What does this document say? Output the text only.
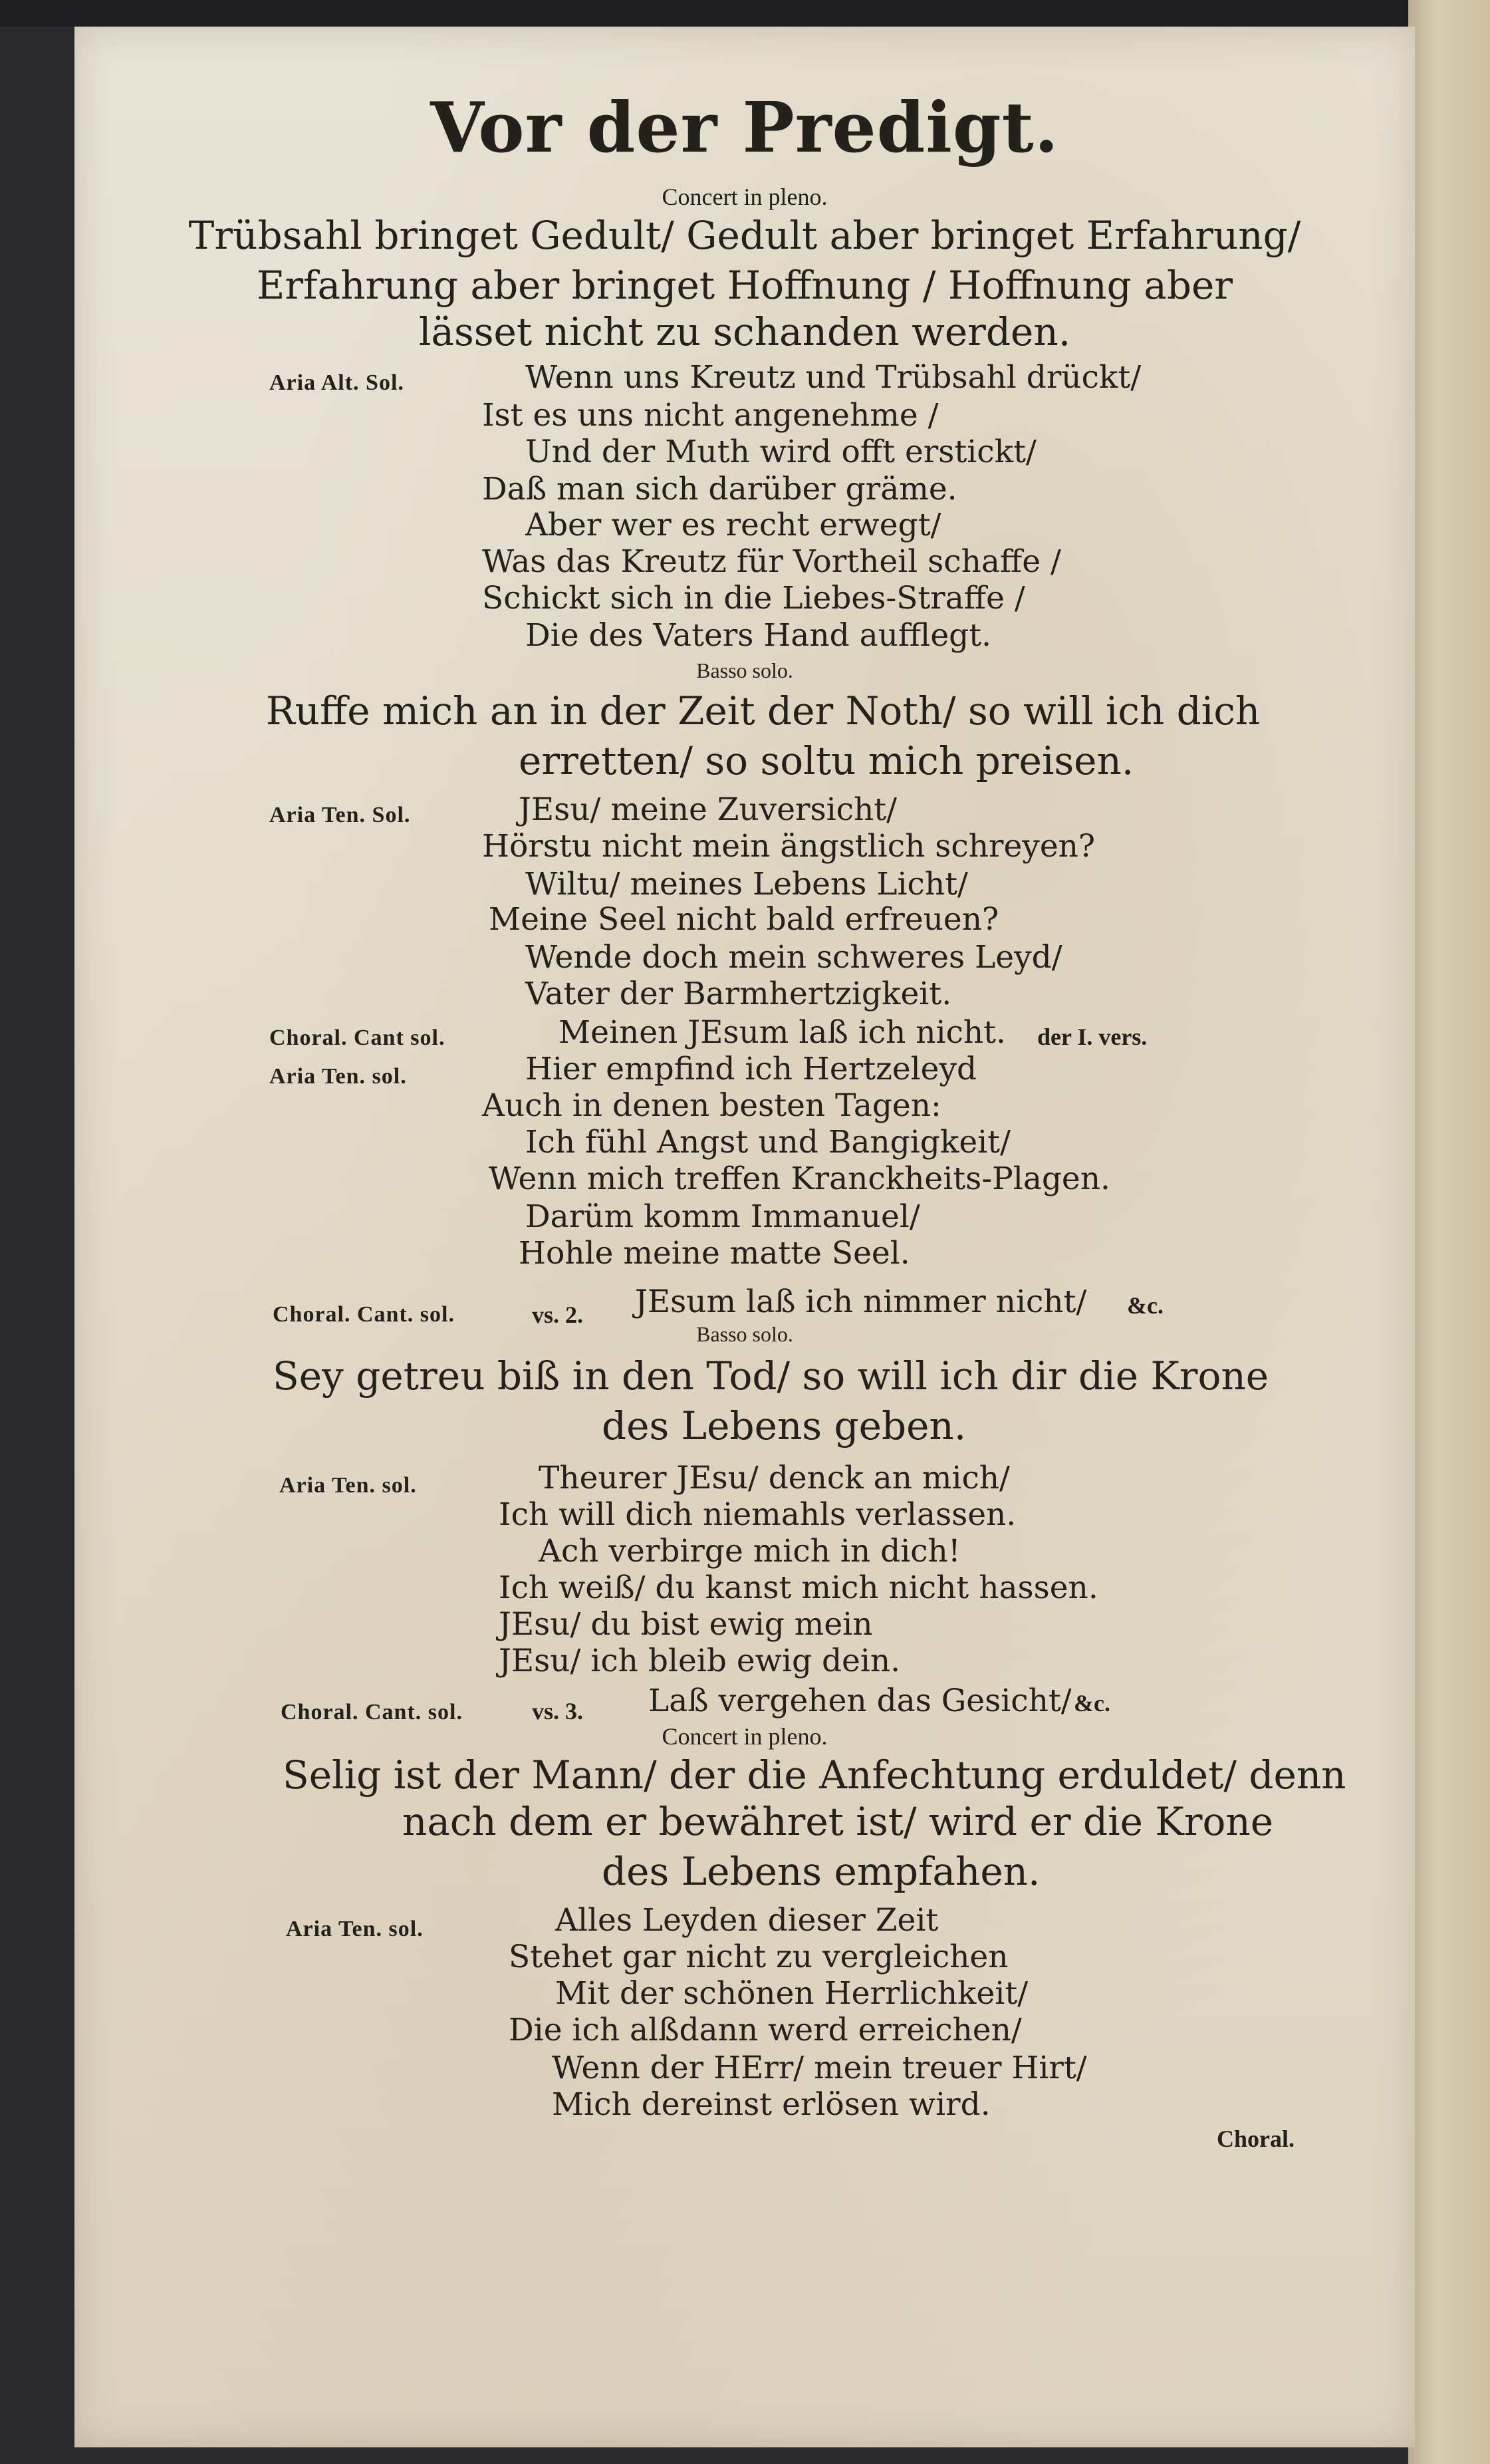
Vor der Predigt.
Concert in pleno.
Trübsahl bringet Gedult/ Gedult aber bringet Erfahrung/
Erfahrung aber bringet Hoffnung / Hoffnung aber
lässet nicht zu schanden werden.
Aria Alt. Sol.	Wenn uns Kreutz und Trübsahl drückt/
Ist es uns nicht angenehme /
Und der Muth wird offt erstickt/
Daß man sich darüber gräme.
Aber wer es recht erwegt/
Was das Kreutz für Vortheil schaffe /
Schickt sich in die Liebes-Straffe /
Die des Vaters Hand aufflegt.
Basso solo.
Ruffe mich an in der Zeit der Noth/ so will ich dich
erretten/ so soltu mich preisen.
Aria Ten. Sol.	JEsu/ meine Zuversicht/
Hörstu nicht mein ängstlich schreyen?
Wiltu/ meines Lebens Licht/
Meine Seel nicht bald erfreuen?
Wende doch mein schweres Leyd/
Vater der Barmhertzigkeit.
Choral. Cant sol.	Meinen JEsum laß ich nicht. der I. vers.
Aria Ten. sol.	Hier empfind ich Hertzeleyd
Auch in denen besten Tagen:
Ich fühl Angst und Bangigkeit/
Wenn mich treffen Kranckheits-Plagen.
Darüm komm Immanuel/
Hohle meine matte Seel.
Choral. Cant. sol.	vs. 2. JEsum laß ich nimmer nicht/ &c.
Basso solo.
Sey getreu biß in den Tod/ so will ich dir die Krone
des Lebens geben.
Aria Ten. sol.	Theurer JEsu/ denck an mich/
Ich will dich niemahls verlassen.
Ach verbirge mich in dich!
Ich weiß/ du kanst mich nicht hassen.
JEsu/ du bist ewig mein
JEsu/ ich bleib ewig dein.
Choral. Cant. sol.	vs. 3. Laß vergehen das Gesicht/ &c.
Concert in pleno.
Selig ist der Mann/ der die Anfechtung erduldet/ denn
nach dem er bewähret ist/ wird er die Krone
des Lebens empfahen.
Aria Ten. sol.	Alles Leyden dieser Zeit
Stehet gar nicht zu vergleichen
Mit der schönen Herrlichkeit/
Die ich alßdann werd erreichen/
Wenn der HErr/ mein treuer Hirt/
Mich dereinst erlösen wird.
Choral.
